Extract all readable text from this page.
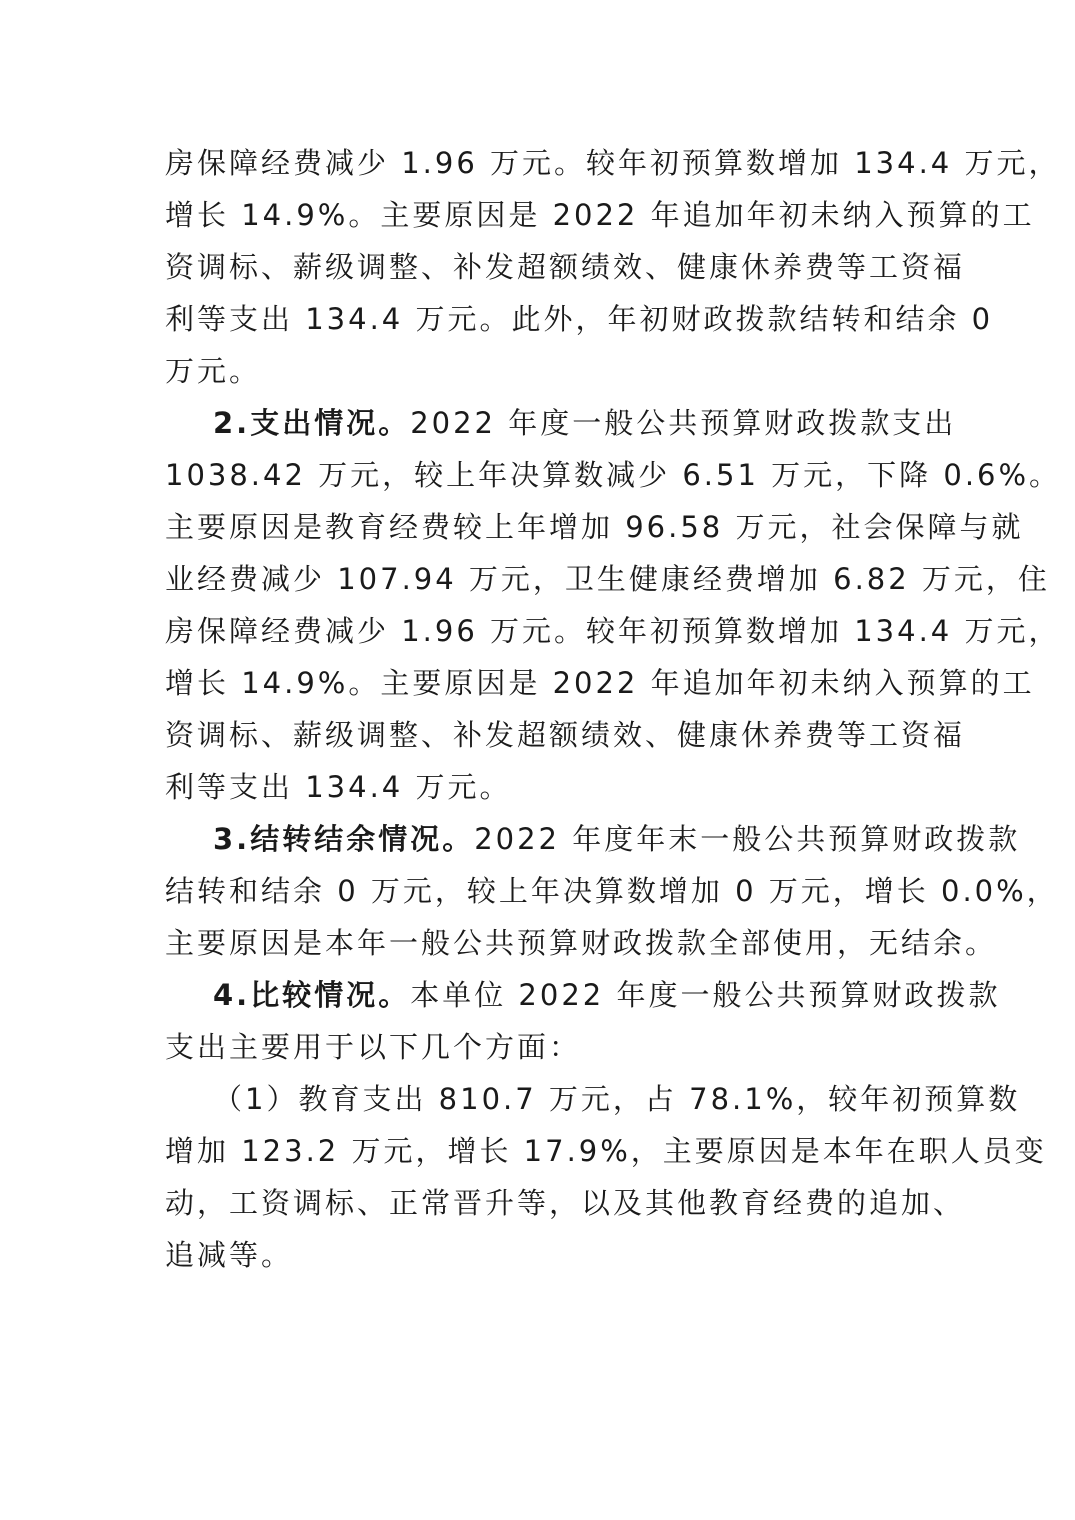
房保障经费减少 1.96 万元。较年初预算数增加 134.4 万元，
增长 14.9%。主要原因是 2022 年追加年初未纳入预算的工
资调标、薪级调整、补发超额绩效、健康休养费等工资福
利等支出 134.4 万元。此外，年初财政拨款结转和结余 0
万元。
2.支出情况。2022 年度一般公共预算财政拨款支出
1038.42 万元，较上年决算数减少 6.51 万元，下降 0.6%。
主要原因是教育经费较上年增加 96.58 万元，社会保障与就
业经费减少 107.94 万元，卫生健康经费增加 6.82 万元，住
房保障经费减少 1.96 万元。较年初预算数增加 134.4 万元，
增长 14.9%。主要原因是 2022 年追加年初未纳入预算的工
资调标、薪级调整、补发超额绩效、健康休养费等工资福
利等支出 134.4 万元。
3.结转结余情况。2022 年度年末一般公共预算财政拨款
结转和结余 0 万元，较上年决算数增加 0 万元，增长 0.0%，
主要原因是本年一般公共预算财政拨款全部使用，无结余。
4.比较情况。本单位 2022 年度一般公共预算财政拨款
支出主要用于以下几个方面：
（1）教育支出 810.7 万元，占 78.1%，较年初预算数
增加 123.2 万元，增长 17.9%，主要原因是本年在职人员变
动，工资调标、正常晋升等，以及其他教育经费的追加、
追减等。
